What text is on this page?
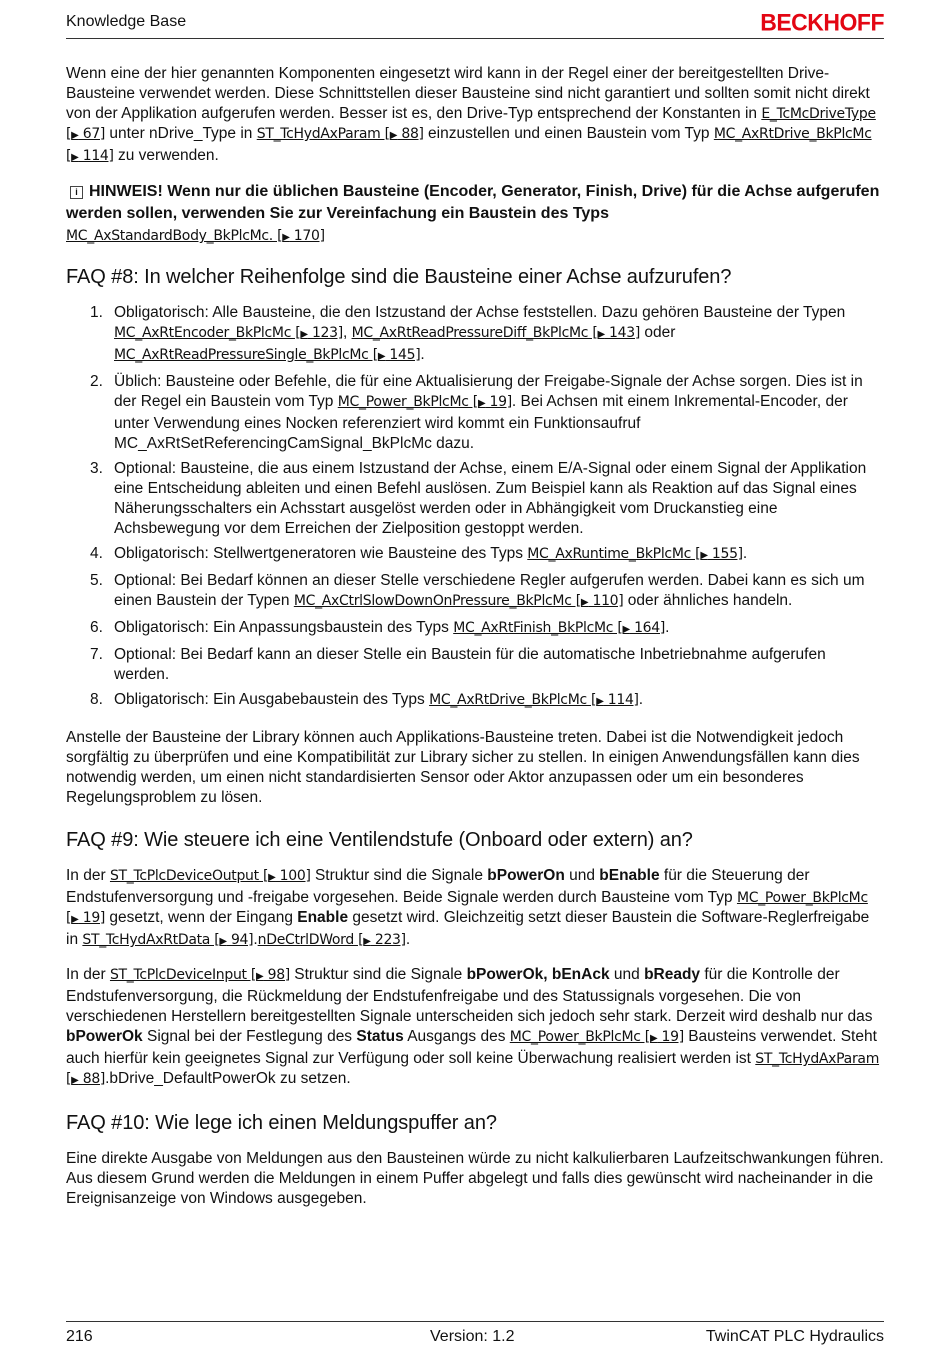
Knowledge Base	BECKHOFF

Wenn eine der hier genannten Komponenten eingesetzt wird kann in der Regel einer der bereitgestellten Drive-Bausteine verwendet werden. Diese Schnittstellen dieser Bausteine sind nicht garantiert und sollten somit nicht direkt von der Applikation aufgerufen werden. Besser ist es, den Drive-Typ entsprechend der Konstanten in E_TcMcDriveType [▶ 67] unter nDrive_Type in ST_TcHydAxParam [▶ 88] einzustellen und einen Baustein vom Typ MC_AxRtDrive_BkPlcMc [▶ 114] zu verwenden.

i HINWEIS! Wenn nur die üblichen Bausteine (Encoder, Generator, Finish, Drive) für die Achse aufgerufen werden sollen, verwenden Sie zur Vereinfachung ein Baustein des Typs
MC_AxStandardBody_BkPlcMc. [▶ 170]
FAQ #8: In welcher Reihenfolge sind die Bausteine einer Achse aufzurufen?
1. Obligatorisch: Alle Bausteine, die den Istzustand der Achse feststellen. Dazu gehören Bausteine der Typen MC_AxRtEncoder_BkPlcMc [▶ 123], MC_AxRtReadPressureDiff_BkPlcMc [▶ 143] oder MC_AxRtReadPressureSingle_BkPlcMc [▶ 145].
2. Üblich: Bausteine oder Befehle, die für eine Aktualisierung der Freigabe-Signale der Achse sorgen. Dies ist in der Regel ein Baustein vom Typ MC_Power_BkPlcMc [▶ 19]. Bei Achsen mit einem Inkremental-Encoder, der unter Verwendung eines Nocken referenziert wird kommt ein Funktionsaufruf MC_AxRtSetReferencingCamSignal_BkPlcMc dazu.
3. Optional: Bausteine, die aus einem Istzustand der Achse, einem E/A-Signal oder einem Signal der Applikation eine Entscheidung ableiten und einen Befehl auslösen. Zum Beispiel kann als Reaktion auf das Signal eines Näherungsschalters ein Achsstart ausgelöst werden oder in Abhängigkeit vom Druckanstieg eine Achsbewegung vor dem Erreichen der Zielposition gestoppt werden.
4. Obligatorisch: Stellwertgeneratoren wie Bausteine des Typs MC_AxRuntime_BkPlcMc [▶ 155].
5. Optional: Bei Bedarf können an dieser Stelle verschiedene Regler aufgerufen werden. Dabei kann es sich um einen Baustein der Typen MC_AxCtrlSlowDownOnPressure_BkPlcMc [▶ 110] oder ähnliches handeln.
6. Obligatorisch: Ein Anpassungsbaustein des Typs MC_AxRtFinish_BkPlcMc [▶ 164].
7. Optional: Bei Bedarf kann an dieser Stelle ein Baustein für die automatische Inbetriebnahme aufgerufen werden.
8. Obligatorisch: Ein Ausgabebaustein des Typs MC_AxRtDrive_BkPlcMc [▶ 114].

Anstelle der Bausteine der Library können auch Applikations-Bausteine treten. Dabei ist die Notwendigkeit jedoch sorgfältig zu überprüfen und eine Kompatibilität zur Library sicher zu stellen. In einigen Anwendungsfällen kann dies notwendig werden, um einen nicht standardisierten Sensor oder Aktor anzupassen oder um ein besonderes Regelungsproblem zu lösen.

FAQ #9: Wie steuere ich eine Ventilendstufe (Onboard oder extern) an?

In der ST_TcPlcDeviceOutput [▶ 100] Struktur sind die Signale bPowerOn und bEnable für die Steuerung der Endstufenversorgung und -freigabe vorgesehen. Beide Signale werden durch Bausteine vom Typ MC_Power_BkPlcMc [▶ 19] gesetzt, wenn der Eingang Enable gesetzt wird. Gleichzeitig setzt dieser Baustein die Software-Reglerfreigabe in ST_TcHydAxRtData [▶ 94].nDeCtrlDWord [▶ 223].

In der ST_TcPlcDeviceInput [▶ 98] Struktur sind die Signale bPowerOk, bEnAck und bReady für die Kontrolle der Endstufenversorgung, die Rückmeldung der Endstufenfreigabe und des Statussignals vorgesehen. Die von verschiedenen Herstellern bereitgestellten Signale unterscheiden sich jedoch sehr stark. Derzeit wird deshalb nur das bPowerOk Signal bei der Festlegung des Status Ausgangs des MC_Power_BkPlcMc [▶ 19] Bausteins verwendet. Steht auch hierfür kein geeignetes Signal zur Verfügung oder soll keine Überwachung realisiert werden ist ST_TcHydAxParam [▶ 88].bDrive_DefaultPowerOk zu setzen.

FAQ #10: Wie lege ich einen Meldungspuffer an?

Eine direkte Ausgabe von Meldungen aus den Bausteinen würde zu nicht kalkulierbaren Laufzeitschwankungen führen. Aus diesem Grund werden die Meldungen in einem Puffer abgelegt und falls dies gewünscht wird nacheinander in die Ereignisanzeige von Windows ausgegeben.

216	Version: 1.2	TwinCAT PLC Hydraulics
